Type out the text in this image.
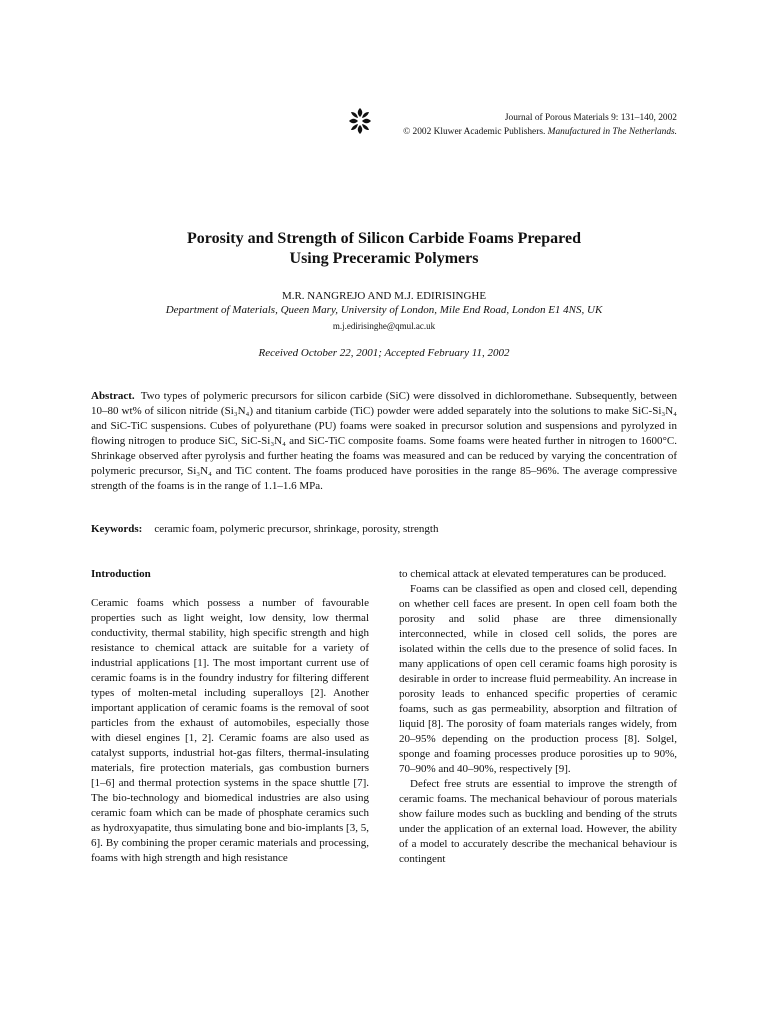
Journal of Porous Materials 9: 131–140, 2002
© 2002 Kluwer Academic Publishers. Manufactured in The Netherlands.
Porosity and Strength of Silicon Carbide Foams Prepared
Using Preceramic Polymers
M.R. NANGREJO AND M.J. EDIRISINGHE
Department of Materials, Queen Mary, University of London, Mile End Road, London E1 4NS, UK
m.j.edirisinghe@qmul.ac.uk
Received October 22, 2001; Accepted February 11, 2002
Abstract. Two types of polymeric precursors for silicon carbide (SiC) were dissolved in dichloromethane. Subsequently, between 10–80 wt% of silicon nitride (Si₃N₄) and titanium carbide (TiC) powder were added separately into the solutions to make SiC-Si₃N₄ and SiC-TiC suspensions. Cubes of polyurethane (PU) foams were soaked in precursor solution and suspensions and pyrolyzed in flowing nitrogen to produce SiC, SiC-Si₃N₄ and SiC-TiC composite foams. Some foams were heated further in nitrogen to 1600°C. Shrinkage observed after pyrolysis and further heating the foams was measured and can be reduced by varying the concentration of polymeric precursor, Si₃N₄ and TiC content. The foams produced have porosities in the range 85–96%. The average compressive strength of the foams is in the range of 1.1–1.6 MPa.
Keywords: ceramic foam, polymeric precursor, shrinkage, porosity, strength
Introduction

Ceramic foams which possess a number of favourable properties such as light weight, low density, low thermal conductivity, thermal stability, high specific strength and high resistance to chemical attack are suitable for a variety of industrial applications [1]. The most important current use of ceramic foams is in the foundry industry for filtering different types of molten-metal including superalloys [2]. Another important application of ceramic foams is the removal of soot particles from the exhaust of automobiles, especially those with diesel engines [1, 2]. Ceramic foams are also used as catalyst supports, industrial hot-gas filters, thermal-insulating materials, fire protection materials, gas combustion burners [1–6] and thermal protection systems in the space shuttle [7]. The bio-technology and biomedical industries are also using ceramic foam which can be made of phosphate ceramics such as hydroxyapatite, thus simulating bone and bio-implants [3, 5, 6]. By combining the proper ceramic materials and processing, foams with high strength and high resistance

to chemical attack at elevated temperatures can be produced.

Foams can be classified as open and closed cell, depending on whether cell faces are present. In open cell foam both the porosity and solid phase are three dimensionally interconnected, while in closed cell solids, the pores are isolated within the cells due to the presence of solid faces. In many applications of open cell ceramic foams high porosity is desirable in order to increase fluid permeability. An increase in porosity leads to enhanced specific properties of ceramic foams, such as gas permeability, absorption and filtration of liquid [8]. The porosity of foam materials ranges widely, from 20–95% depending on the production process [8]. Solgel, sponge and foaming processes produce porosities up to 90%, 70–90% and 40–90%, respectively [9].

Defect free struts are essential to improve the strength of ceramic foams. The mechanical behaviour of porous materials show failure modes such as buckling and bending of the struts under the application of an external load. However, the ability of a model to accurately describe the mechanical behaviour is contingent
